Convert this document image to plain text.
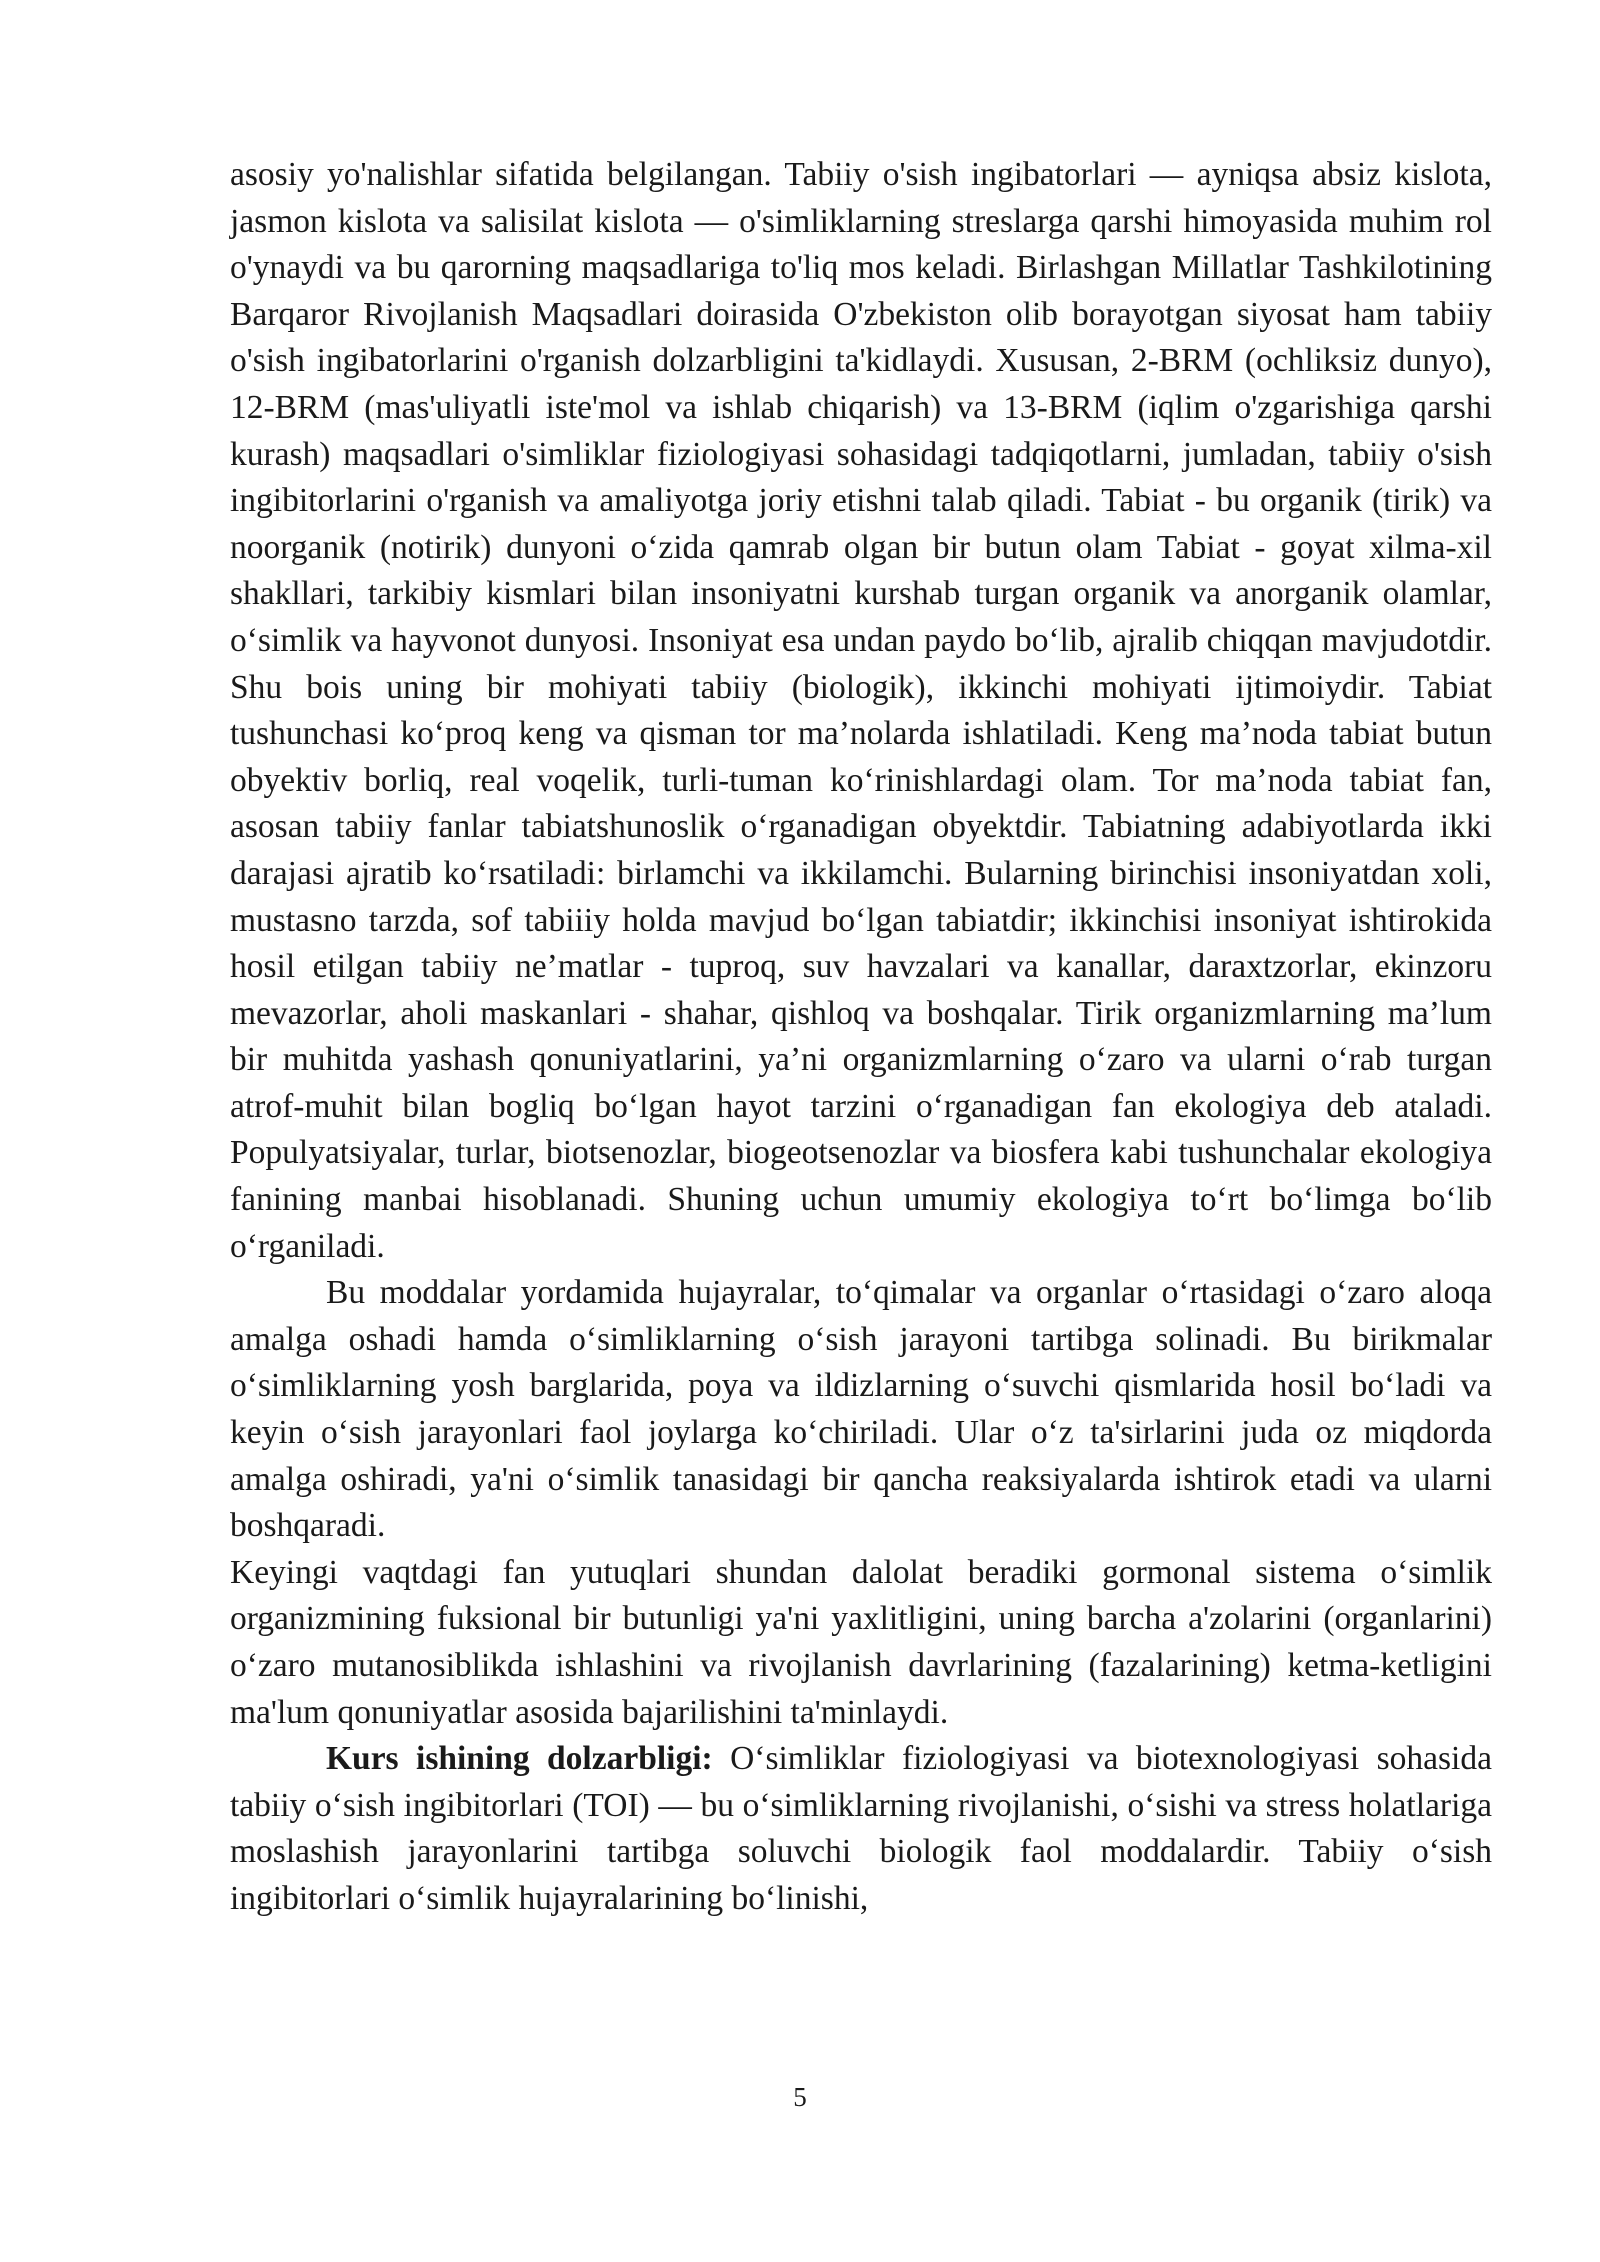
asosiy yo'nalishlar sifatida belgilangan. Tabiiy o'sish ingibatorlari — ayniqsa absiz kislota, jasmon kislota va salisilat kislota — o'simliklarning streslarga qarshi himoyasida muhim rol o'ynaydi va bu qarorning maqsadlariga to'liq mos keladi. Birlashgan Millatlar Tashkilotining Barqaror Rivojlanish Maqsadlari doirasida O'zbekiston olib borayotgan siyosat ham tabiiy o'sish ingibatorlarini o'rganish dolzarbligini ta'kidlaydi. Xususan, 2-BRM (ochliksiz dunyo), 12-BRM (mas'uliyatli iste'mol va ishlab chiqarish) va 13-BRM (iqlim o'zgarishiga qarshi kurash) maqsadlari o'simliklar fiziologiyasi sohasidagi tadqiqotlarni, jumladan, tabiiy o'sish ingibitorlarini o'rganish va amaliyotga joriy etishni talab qiladi. Tabiat - bu organik (tirik) va noorganik (notirik) dunyoni o‘zida qamrab olgan bir butun olam Tabiat - goyat xilma-xil shakllari, tarkibiy kismlari bilan insoniyatni kurshab turgan organik va anorganik olamlar, o‘simlik va hayvonot dunyosi. Insoniyat esa undan paydo bo‘lib, ajralib chiqqan mavjudotdir. Shu bois uning bir mohiyati tabiiy (biologik), ikkinchi mohiyati ijtimoiydir. Tabiat tushunchasi ko‘proq keng va qisman tor ma’nolarda ishlatiladi. Keng ma’noda tabiat butun obyektiv borliq, real voqelik, turli-tuman ko‘rinishlardagi olam. Tor ma’noda tabiat fan, asosan tabiiy fanlar tabiatshunoslik o‘rganadigan obyektdir. Tabiatning adabiyotlarda ikki darajasi ajratib ko‘rsatiladi: birlamchi va ikkilamchi. Bularning birinchisi insoniyatdan xoli, mustasno tarzda, sof tabiiiy holda mavjud bo‘lgan tabiatdir; ikkinchisi insoniyat ishtirokida hosil etilgan tabiiy ne’matlar - tuproq, suv havzalari va kanallar, daraxtzorlar, ekinzoru mevazorlar, aholi maskanlari - shahar, qishloq va boshqalar. Tirik organizmlarning ma’lum bir muhitda yashash qonuniyatlarini, ya’ni organizmlarning o‘zaro va ularni o‘rab turgan atrof-muhit bilan bogliq bo‘lgan hayot tarzini o‘rganadigan fan ekologiya deb ataladi. Populyatsiyalar, turlar, biotsenozlar, biogeotsenozlar va biosfera kabi tushunchalar ekologiya fanining manbai hisoblanadi. Shuning uchun umumiy ekologiya to‘rt bo‘limga bo‘lib o‘rganiladi.

Bu moddalar yordamida hujayralar, to‘qimalar va organlar o‘rtasidagi o‘zaro aloqa amalga oshadi hamda o‘simliklarning o‘sish jarayoni tartibga solinadi. Bu birikmalar o‘simliklarning yosh barglarida, poya va ildizlarning o‘suvchi qismlarida hosil bo‘ladi va keyin o‘sish jarayonlari faol joylarga ko‘chiriladi. Ular o‘z ta'sirlarini juda oz miqdorda amalga oshiradi, ya'ni o‘simlik tanasidagi bir qancha reaksiyalarda ishtirok etadi va ularni boshqaradi.

Keyingi vaqtdagi fan yutuqlari shundan dalolat beradiki gormonal sistema o‘simlik organizmining fuksional bir butunligi ya'ni yaxlitligini, uning barcha a'zolarini (organlarini) o‘zaro mutanosiblikda ishlashini va rivojlanish davrlarining (fazalarining) ketma-ketligini ma'lum qonuniyatlar asosida bajarilishini ta'minlaydi.

Kurs ishining dolzarbligi: O‘simliklar fiziologiyasi va biotexnologiyasi sohasida tabiiy o‘sish ingibitorlari (TOI) — bu o‘simliklarning rivojlanishi, o‘sishi va stress holatlariga moslashish jarayonlarini tartibga soluvchi biologik faol moddalardir. Tabiiy o‘sish ingibitorlari o‘simlik hujayralarining bo‘linishi,

5
